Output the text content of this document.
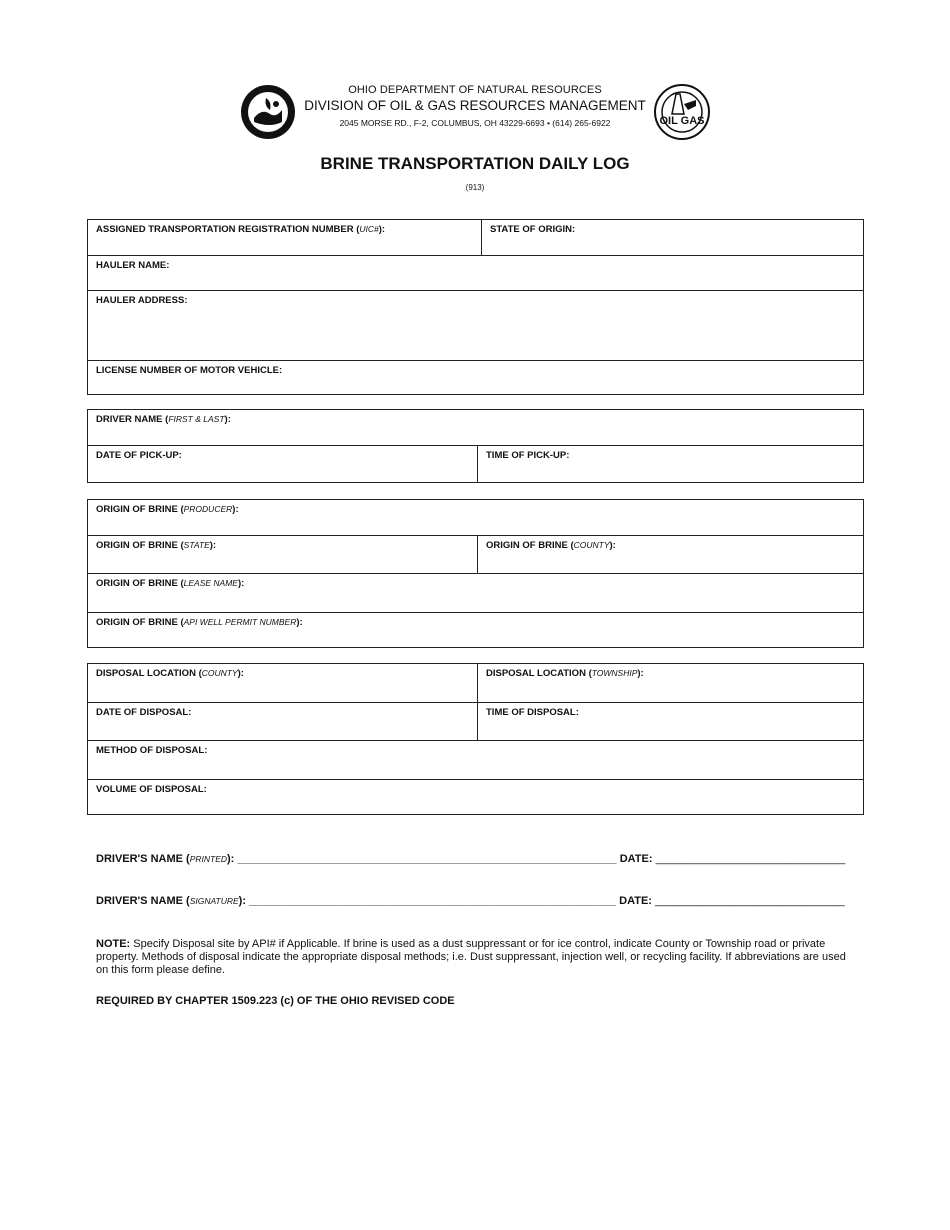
OIL GAS
OHIO DEPARTMENT OF NATURAL RESOURCES
DIVISION OF OIL & GAS RESOURCES MANAGEMENT
2045 MORSE RD., F-2, COLUMBUS, OH 43229-6693 • (614) 265-6922
BRINE TRANSPORTATION DAILY LOG
(913)
ASSIGNED TRANSPORTATION REGISTRATION NUMBER (UIC#):	STATE OF ORIGIN:
HAULER NAME:
HAULER ADDRESS:
LICENSE NUMBER OF MOTOR VEHICLE:
DRIVER NAME (FIRST & LAST):
DATE OF PICK-UP:	TIME OF PICK-UP:
ORIGIN OF BRINE (PRODUCER):
ORIGIN OF BRINE (STATE):	ORIGIN OF BRINE (COUNTY):
ORIGIN OF BRINE (LEASE NAME):
ORIGIN OF BRINE (API WELL PERMIT NUMBER):
DISPOSAL LOCATION (COUNTY):	DISPOSAL LOCATION (TOWNSHIP):
DATE OF DISPOSAL:	TIME OF DISPOSAL:
METHOD OF DISPOSAL:
VOLUME OF DISPOSAL:
DRIVER'S NAME (PRINTED): ______________________________________________________________ DATE: _______________________________
DRIVER'S NAME (SIGNATURE): ____________________________________________________________ DATE: _______________________________
NOTE: Specify Disposal site by API# if Applicable. If brine is used as a dust suppressant or for ice control, indicate County or Township road or private property. Methods of disposal indicate the appropriate disposal methods; i.e. Dust suppressant, injection well, or recycling facility. If abbreviations are used on this form please define.
REQUIRED BY CHAPTER 1509.223 (c) OF THE OHIO REVISED CODE
